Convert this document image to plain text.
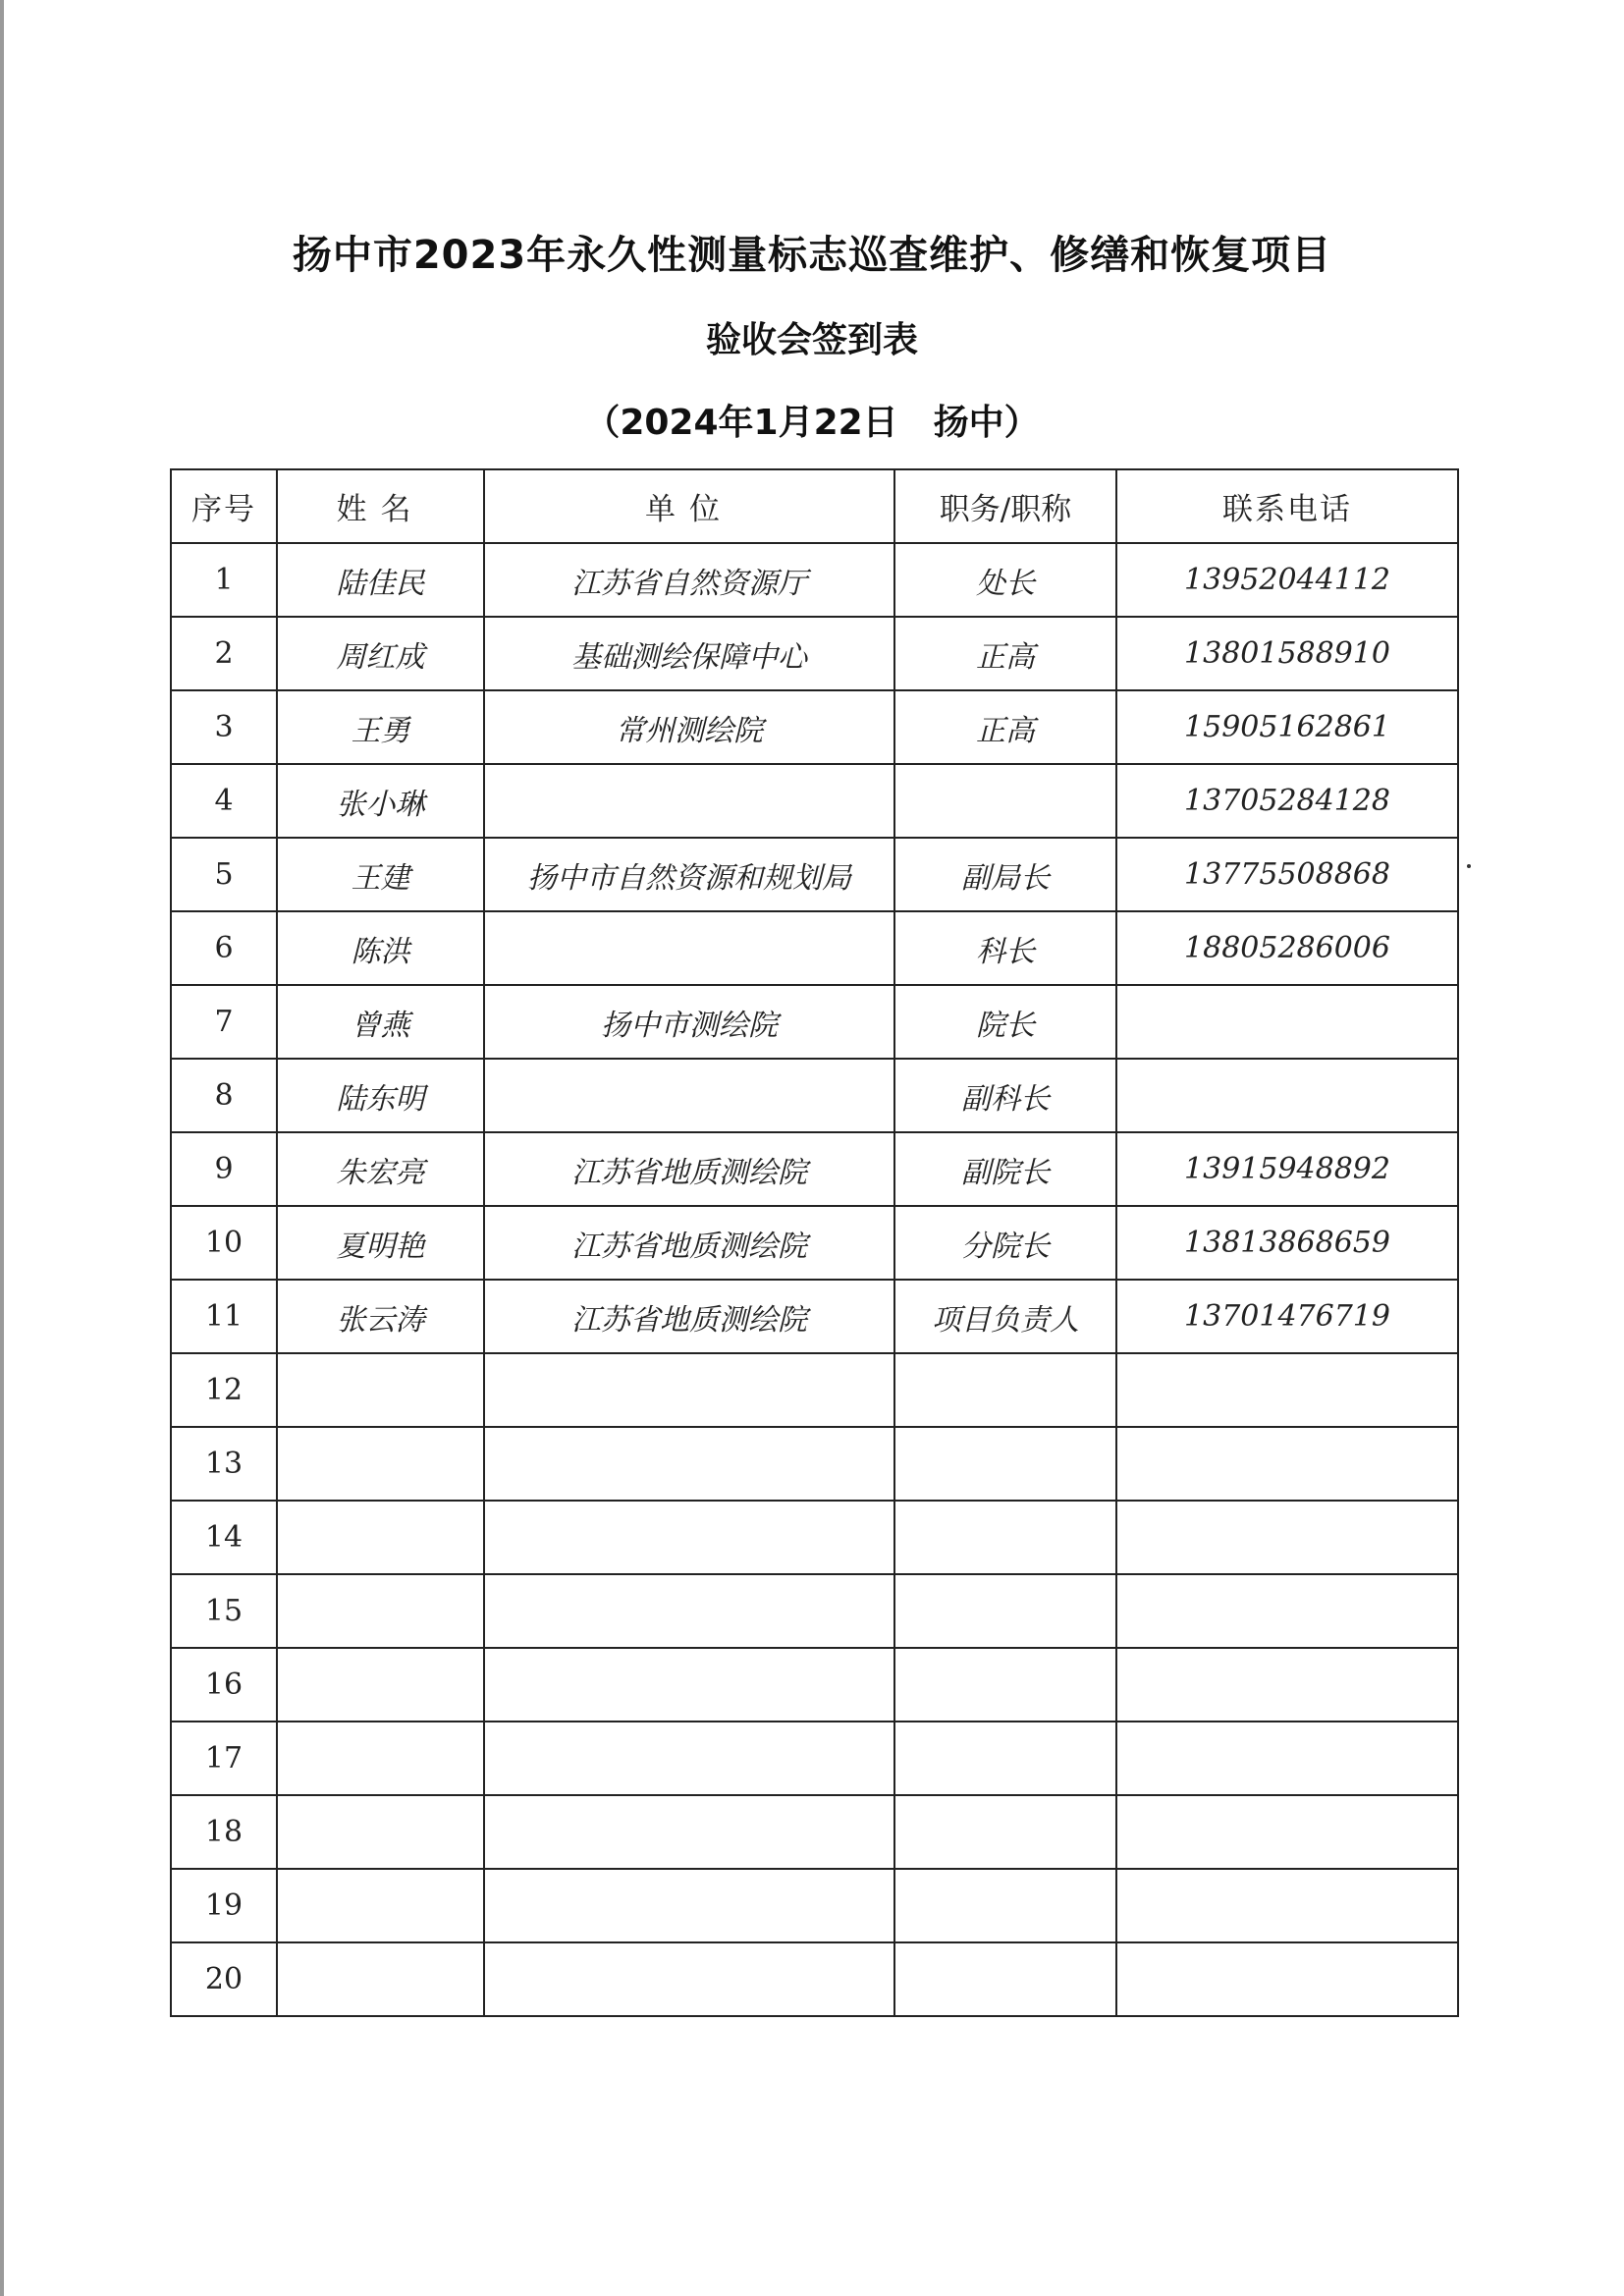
扬中市2023年永久性测量标志巡查维护、修缮和恢复项目
验收会签到表
（2024年1月22日　扬中）
序号	姓名	单位	职务/职称	联系电话
1	陆佳民	江苏省自然资源厅	处长	13952044112
2	周红成	基础测绘保障中心	正高	13801588910
3	王勇	常州测绘院	正高	15905162861
4	张小琳			13705284128
5	王建	扬中市自然资源和规划局	副局长	13775508868
6	陈洪		科长	18805286006
7	曾燕	扬中市测绘院	院长	
8	陆东明		副科长	
9	朱宏亮	江苏省地质测绘院	副院长	13915948892
10	夏明艳	江苏省地质测绘院	分院长	13813868659
11	张云涛	江苏省地质测绘院	项目负责人	13701476719
12				
13				
14				
15				
16				
17				
18				
19				
20				
